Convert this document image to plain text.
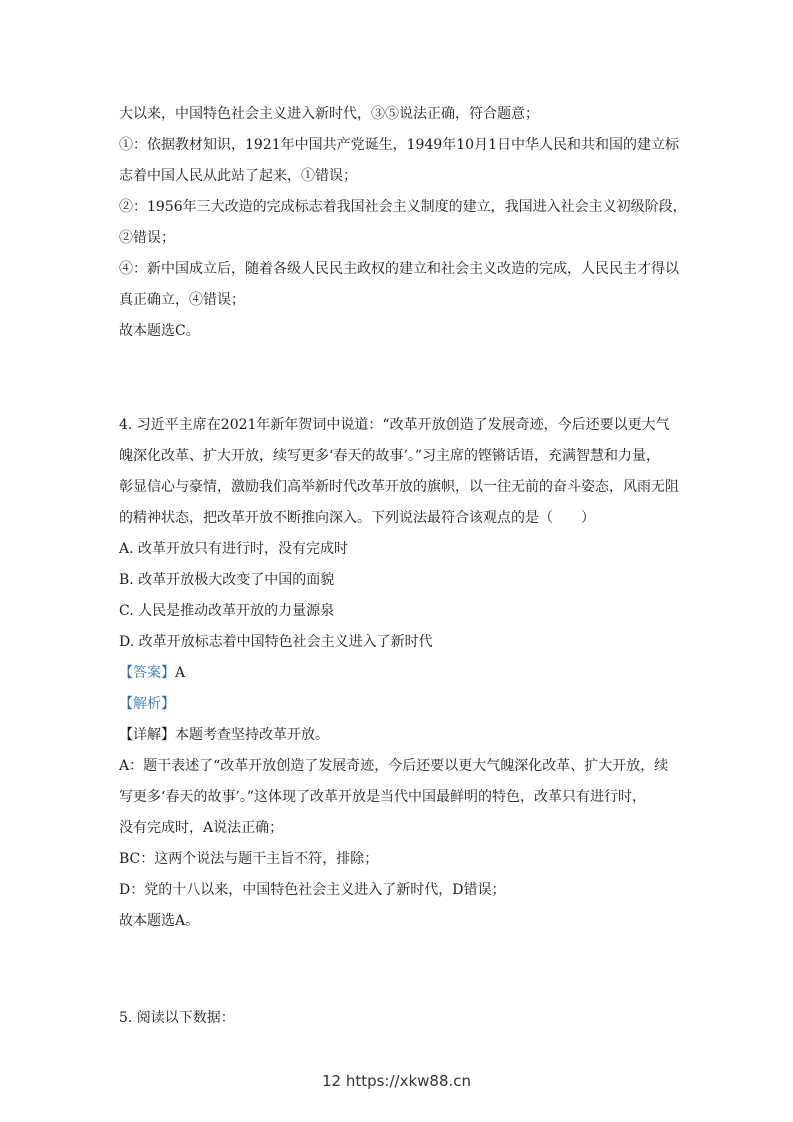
大以来，中国特色社会主义进入新时代，③⑤说法正确，符合题意；
①：依据教材知识，1921年中国共产党诞生，1949年10月1日中华人民和共和国的建立标
志着中国人民从此站了起来，①错误；
②：1956年三大改造的完成标志着我国社会主义制度的建立，我国进入社会主义初级阶段，
②错误；
④：新中国成立后，随着各级人民民主政权的建立和社会主义改造的完成，人民民主才得以
真正确立，④错误；
故本题选C。
4. 习近平主席在2021年新年贺词中说道：“改革开放创造了发展奇迹，今后还要以更大气
魄深化改革、扩大开放，续写更多‘春天的故事’。”习主席的铿锵话语，充满智慧和力量，
彰显信心与豪情，激励我们高举新时代改革开放的旗帜，以一往无前的奋斗姿态，风雨无阻
的精神状态，把改革开放不断推向深入。下列说法最符合该观点的是（　　）
A. 改革开放只有进行时，没有完成时
B. 改革开放极大改变了中国的面貌
C. 人民是推动改革开放的力量源泉
D. 改革开放标志着中国特色社会主义进入了新时代
【答案】A
【解析】
【详解】本题考查坚持改革开放。
A：题干表述了“改革开放创造了发展奇迹，今后还要以更大气魄深化改革、扩大开放，续
写更多‘春天的故事’。”这体现了改革开放是当代中国最鲜明的特色，改革只有进行时，
没有完成时，A说法正确；
BC：这两个说法与题干主旨不符，排除；
D：党的十八以来，中国特色社会主义进入了新时代，D错误；
故本题选A。
5. 阅读以下数据：
12 https://xkw88.cn
